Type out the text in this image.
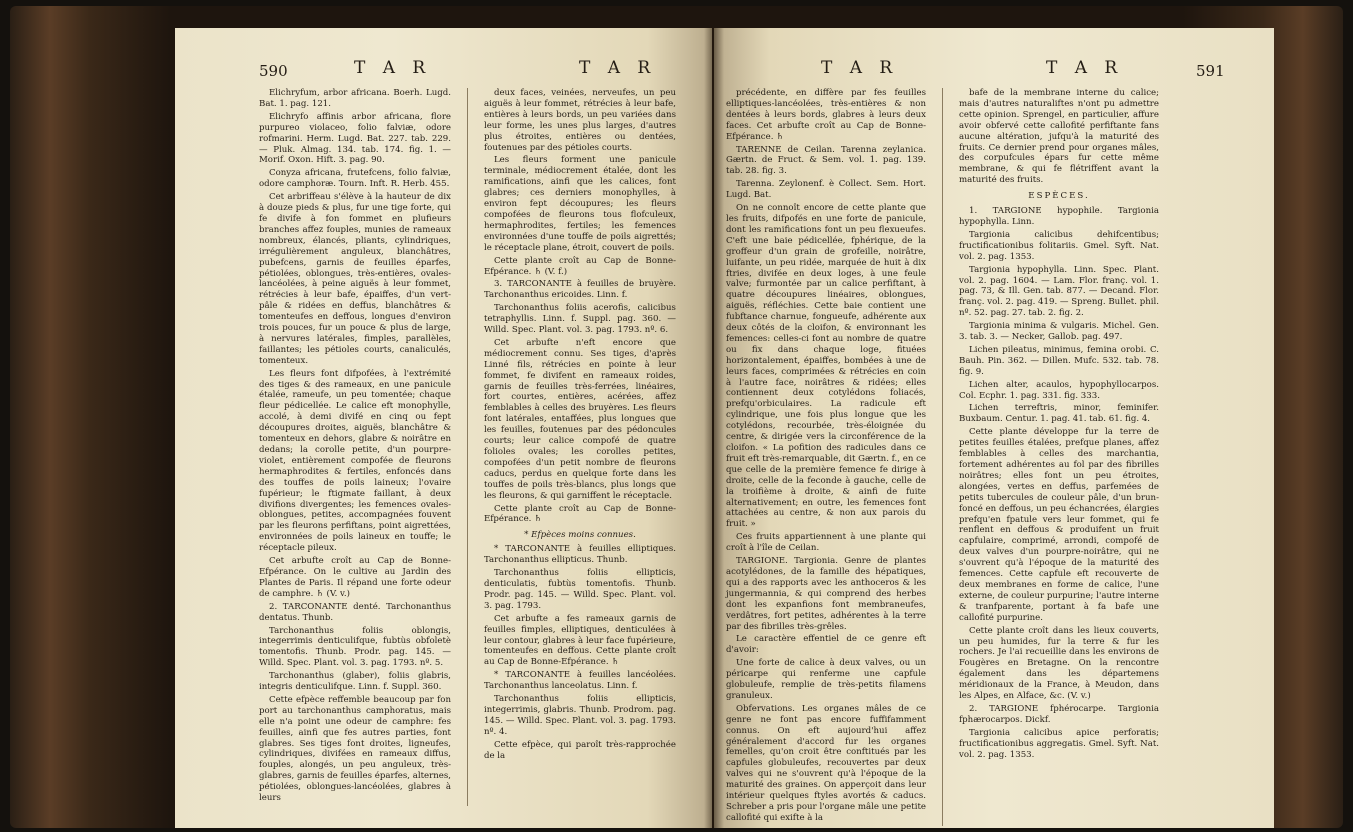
590	T A R	T A R

Elichryfum, arbor africana. Boerh. Lugd. Bat. 1. pag. 121.

Elichryfo affinis arbor africana, flore purpureo violaceo, folio falviæ, odore rofmarini. Herm. Lugd. Bat. 227. tab. 229. — Pluk. Almag. 134. tab. 174. fig. 1. — Morif. Oxon. Hift. 3. pag. 90.

Conyza africana, frutefcens, folio falviæ, odore camphoræ. Tourn. Inft. R. Herb. 455.

Cet arbriffeau s'élève à la hauteur de dix à douze pieds & plus, fur une tige forte, qui fe divife à fon fommet en plufieurs branches affez fouples, munies de rameaux nombreux, élancés, pliants, cylindriques, irrégulièrement anguleux, blanchâtres, pubefcens, garnis de feuilles éparfes, pétiolées, oblongues, très-entières, ovales-lancéolées, à peine aiguës à leur fommet, rétrécies à leur bafe, épaiffes, d'un vert-pâle & ridées en deffus, blanchâtres & tomenteufes en deffous, longues d'environ trois pouces, fur un pouce & plus de large, à nervures latérales, fimples, parallèles, faillantes; les pétioles courts, canaliculés, tomenteux.

Les fleurs font difpofées, à l'extrémité des tiges & des rameaux, en une panicule étalée, rameufe, un peu tomentée; chaque fleur pédicellée. Le calice eft monophylle, accolé, à demi divifé en cinq ou fept découpures droites, aiguës, blanchâtre & tomenteux en dehors, glabre & noirâtre en dedans; la corolle petite, d'un pourpre-violet, entièrement compofée de fleurons hermaphrodites & fertiles, enfoncés dans des touffes de poils laineux; l'ovaire fupérieur; le ftigmate faillant, à deux divifions divergentes; les femences ovales-oblongues, petites, accompagnées fouvent par les fleurons perfiftans, point aigrettées, environnées de poils laineux en touffe; le réceptacle pileux.

Cet arbufte croît au Cap de Bonne-Efpérance. On le cultive au Jardin des Plantes de Paris. Il répand une forte odeur de camphre. ♄ (V. v.)

2. TARCONANTE denté. Tarchonanthus dentatus. Thunb.

Tarchonanthus foliis oblongis, integerrimis denticulifque, fubtùs obfoletè tomentofis. Thunb. Prodr. pag. 145. — Willd. Spec. Plant. vol. 3. pag. 1793. nº. 5.

Tarchonanthus (glaber), foliis glabris, integris denticulifque. Linn. f. Suppl. 360.

Cette efpèce reffemble beaucoup par fon port au tarchonanthus camphoratus, mais elle n'a point une odeur de camphre: fes feuilles, ainfi que fes autres parties, font glabres. Ses tiges font droites, ligneufes, cylindriques, divifées en rameaux diffus, fouples, alongés, un peu anguleux, très-glabres, garnis de feuilles éparfes, alternes, pétiolées, oblongues-lancéolées, glabres à leurs

deux faces, veinées, nerveufes, un peu aiguës à leur fommet, rétrécies à leur bafe, entières à leurs bords, un peu variées dans leur forme, les unes plus larges, d'autres plus étroites, entières ou dentées, foutenues par des pétioles courts.

Les fleurs forment une panicule terminale, médiocrement étalée, dont les ramifications, ainfi que les calices, font glabres; ces derniers monophylles, à environ fept découpures; les fleurs compofées de fleurons tous flofculeux, hermaphrodites, fertiles; les femences environnées d'une touffe de poils aigrettés; le réceptacle plane, étroit, couvert de poils.

Cette plante croît au Cap de Bonne-Efpérance. ♄ (V. f.)

3. TARCONANTE à feuilles de bruyère. Tarchonanthus ericoides. Linn. f.

Tarchonanthus foliis acerofis, calicibus tetraphyllis. Linn. f. Suppl. pag. 360. — Willd. Spec. Plant. vol. 3. pag. 1793. nº. 6.

Cet arbufte n'eft encore que médiocrement connu. Ses tiges, d'après Linné fils, rétrécies en pointe à leur fommet, fe divifent en rameaux roides, garnis de feuilles très-ferrées, linéaires, fort courtes, entières, acérées, affez femblables à celles des bruyères. Les fleurs font latérales, entaffées, plus longues que les feuilles, foutenues par des pédoncules courts; leur calice compofé de quatre folioles ovales; les corolles petites, compofées d'un petit nombre de fleurons caducs, perdus en quelque forte dans les touffes de poils très-blancs, plus longs que les fleurons, & qui garniffent le réceptacle.

Cette plante croît au Cap de Bonne-Efpérance. ♄

* Efpèces moins connues.

* TARCONANTE à feuilles elliptiques. Tarchonanthus ellipticus. Thunb.

Tarchonanthus foliis ellipticis, denticulatis, fubtùs tomentofis. Thunb. Prodr. pag. 145. — Willd. Spec. Plant. vol. 3. pag. 1793.

Cet arbufte a fes rameaux garnis de feuilles fimples, elliptiques, denticulées à leur contour, glabres à leur face fupérieure, tomenteufes en deffous. Cette plante croît au Cap de Bonne-Efpérance. ♄

* TARCONANTE à feuilles lancéolées. Tarchonanthus lanceolatus. Linn. f.

Tarchonanthus foliis ellipticis, integerrimis, glabris. Thunb. Prodrom. pag. 145. — Willd. Spec. Plant. vol. 3. pag. 1793. nº. 4.

Cette efpèce, qui paroît très-rapprochée de la

T A R	T A R	591

précédente, en diffère par fes feuilles elliptiques-lancéolées, très-entières & non dentées à leurs bords, glabres à leurs deux faces. Cet arbufte croît au Cap de Bonne-Efpérance. ♄

TARENNE de Ceilan. Tarenna zeylanica. Gærtn. de Fruct. & Sem. vol. 1. pag. 139. tab. 28. fig. 3.

Tarenna. Zeylonenf. è Collect. Sem. Hort. Lugd. Bat.

On ne connoît encore de cette plante que les fruits, difpofés en une forte de panicule, dont les ramifications font un peu flexueufes. C'eft une baie pédicellée, fphérique, de la groffeur d'un grain de grofeille, noirâtre, luifante, un peu ridée, marquée de huit à dix ftries, divifée en deux loges, à une feule valve; furmontée par un calice perfiftant, à quatre découpures linéaires, oblongues, aiguës, réfléchies. Cette baie contient une fubftance charnue, fongueufe, adhérente aux deux côtés de la cloifon, & environnant les femences: celles-ci font au nombre de quatre ou fix dans chaque loge, fituées horizontalement, épaiffes, bombées à une de leurs faces, comprimées & rétrécies en coin à l'autre face, noirâtres & ridées; elles contiennent deux cotylédons foliacés, prefqu'orbiculaires. La radicule eft cylindrique, une fois plus longue que les cotylédons, recourbée, très-éloignée du centre, & dirigée vers la circonférence de la cloifon. « La pofition des radicules dans ce fruit eft très-remarquable, dit Gærtn. f., en ce que celle de la première femence fe dirige à droite, celle de la feconde à gauche, celle de la troifième à droite, & ainfi de fuite alternativement; en outre, les femences font attachées au centre, & non aux parois du fruit. »

Ces fruits appartiennent à une plante qui croît à l'île de Ceilan.

TARGIONE. Targionia. Genre de plantes acotylédones, de la famille des hépatiques, qui a des rapports avec les anthoceros & les jungermannia, & qui comprend des herbes dont les expanfions font membraneufes, verdâtres, fort petites, adhérentes à la terre par des fibrilles très-grêles.

Le caractère effentiel de ce genre eft d'avoir:

Une forte de calice à deux valves, ou un péricarpe qui renferme une capfule globuleufe, remplie de très-petits filamens granuleux.

Obfervations. Les organes mâles de ce genre ne font pas encore fuffifamment connus. On eft aujourd'hui affez généralement d'accord fur les organes femelles, qu'on croit être conftitués par les capfules globuleufes, recouvertes par deux valves qui ne s'ouvrent qu'à l'époque de la maturité des graines. On apperçoit dans leur intérieur quelques ftyles avortés & caducs. Schreber a pris pour l'organe mâle une petite callofité qui exifte à la

bafe de la membrane interne du calice; mais d'autres naturaliftes n'ont pu admettre cette opinion. Sprengel, en particulier, affure avoir obfervé cette callofité perfiftante fans aucune altération, jufqu'à la maturité des fruits. Ce dernier prend pour organes mâles, des corpufcules épars fur cette même membrane, & qui fe flétriffent avant la maturité des fruits.

ESPÈCES.

1. TARGIONE hypophile. Targionia hypophylla. Linn.

Targionia calicibus dehifcentibus; fructificationibus folitariis. Gmel. Syft. Nat. vol. 2. pag. 1353.

Targionia hypophylla. Linn. Spec. Plant. vol. 2. pag. 1604. — Lam. Flor. franç. vol. 1. pag. 73, & Ill. Gen. tab. 877. — Decand. Flor. franç. vol. 2. pag. 419. — Spreng. Bullet. phil. nº. 52. pag. 27. tab. 2. fig. 2.

Targionia minima & vulgaris. Michel. Gen. 3. tab. 3. — Necker, Gallob. pag. 497.

Lichen pileatus, minimus, femina orobi. C. Bauh. Pin. 362. — Dillen. Mufc. 532. tab. 78. fig. 9.

Lichen alter, acaulos, hypophyllocarpos. Col. Ecphr. 1. pag. 331. fig. 333.

Lichen terreftris, minor, feminifer. Buxbaum. Centur. 1. pag. 41. tab. 61. fig. 4.

Cette plante développe fur la terre de petites feuilles étalées, prefque planes, affez femblables à celles des marchantia, fortement adhérentes au fol par des fibrilles noirâtres; elles font un peu étroites, alongées, vertes en deffus, parfemées de petits tubercules de couleur pâle, d'un brun-foncé en deffous, un peu échancrées, élargies prefqu'en fpatule vers leur fommet, qui fe renflent en deffous & produifent un fruit capfulaire, comprimé, arrondi, compofé de deux valves d'un pourpre-noirâtre, qui ne s'ouvrent qu'à l'époque de la maturité des femences. Cette capfule eft recouverte de deux membranes en forme de calice, l'une externe, de couleur purpurine; l'autre interne & tranfparente, portant à fa bafe une callofité purpurine.

Cette plante croît dans les lieux couverts, un peu humides, fur la terre & fur les rochers. Je l'ai recueillie dans les environs de Fougères en Bretagne. On la rencontre également dans les départemens méridionaux de la France, à Meudon, dans les Alpes, en Alface, &c. (V. v.)

2. TARGIONE fphérocarpe. Targionia fphærocarpos. Dickf.

Targionia calicibus apice perforatis; fructificationibus aggregatis. Gmel. Syft. Nat. vol. 2. pag. 1353.
